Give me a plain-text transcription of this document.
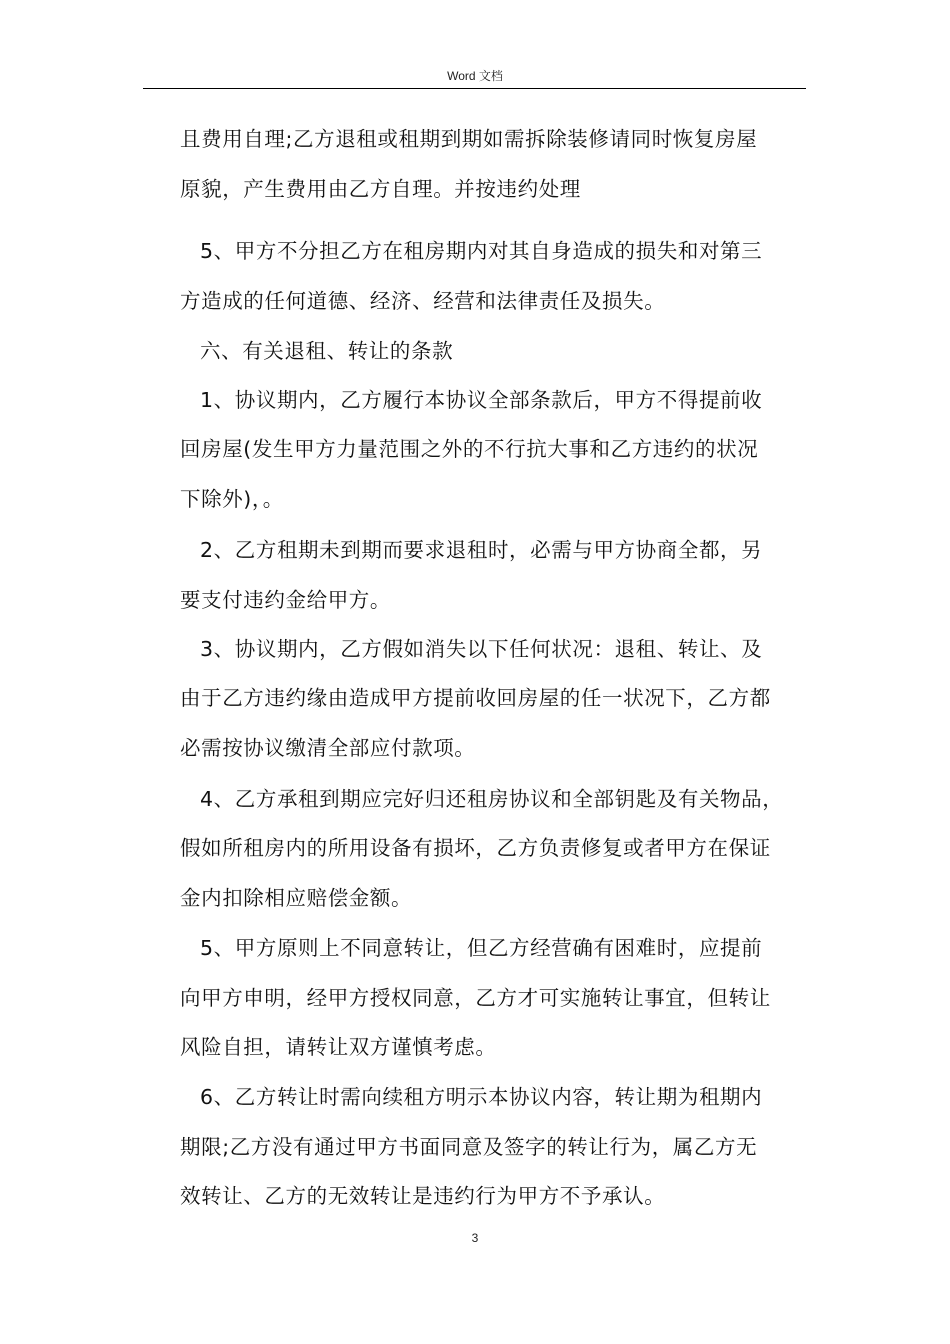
Word 文档
且费用自理;乙方退租或租期到期如需拆除装修请同时恢复房屋
原貌，产生费用由乙方自理。并按违约处理
5、甲方不分担乙方在租房期内对其自身造成的损失和对第三
方造成的任何道德、经济、经营和法律责任及损失。
六、有关退租、转让的条款
1、协议期内，乙方履行本协议全部条款后，甲方不得提前收
回房屋(发生甲方力量范围之外的不行抗大事和乙方违约的状况
下除外)，。
2、乙方租期未到期而要求退租时，必需与甲方协商全都，另
要支付违约金给甲方。
3、协议期内，乙方假如消失以下任何状况：退租、转让、及
由于乙方违约缘由造成甲方提前收回房屋的任一状况下，乙方都
必需按协议缴清全部应付款项。
4、乙方承租到期应完好归还租房协议和全部钥匙及有关物品，
假如所租房内的所用设备有损坏，乙方负责修复或者甲方在保证
金内扣除相应赔偿金额。
5、甲方原则上不同意转让，但乙方经营确有困难时，应提前
向甲方申明，经甲方授权同意，乙方才可实施转让事宜，但转让
风险自担，请转让双方谨慎考虑。
6、乙方转让时需向续租方明示本协议内容，转让期为租期内
期限;乙方没有通过甲方书面同意及签字的转让行为，属乙方无
效转让、乙方的无效转让是违约行为甲方不予承认。
3
